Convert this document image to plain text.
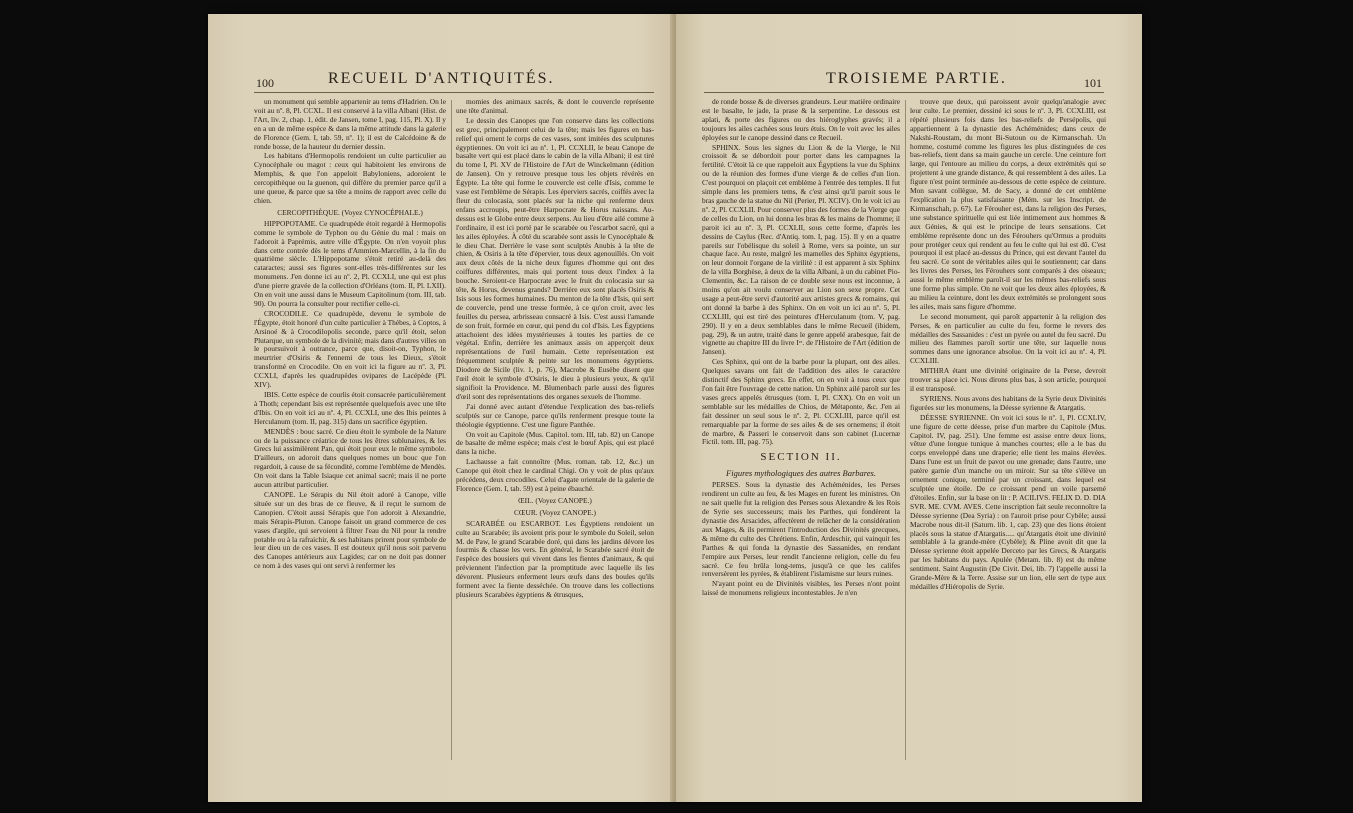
100	RECUEIL D'ANTIQUITÉS.

un monument qui semble appartenir au tems d'Hadrien. On le voit au nº. 8, Pl. CCXL. Il est conservé à la villa Albani (Hist. de l'Art, liv. 2, chap. 1, édit. de Jansen, tome I, pag. 115, Pl. X). Il y en a un de même espèce & dans la même attitude dans la galerie de Florence (Gem. I, tab. 59, nº. 1); il est de Calcédoine & de ronde bosse, de la hauteur du dernier dessin.

Les habitans d'Hermopolis rendoient un culte particulier au Cynocéphale ou magot : ceux qui habitoient les environs de Memphis, & que l'on appeloit Babyloniens, adoroient le cercopithèque ou la guenon, qui diffère du premier parce qu'il a une queue, & parce que sa tête a moins de rapport avec celle du chien.

CERCOPITHÈQUE. (Voyez CYNOCÉPHALE.)

HIPPOPOTAME. Ce quadrupède étoit regardé à Hermopolis comme le symbole de Typhon ou du Génie du mal : mais on l'adoroit à Paprémis, autre ville d'Égypte. On n'en voyoit plus dans cette contrée dès le tems d'Ammien-Marcellin, à la fin du quatrième siècle. L'Hippopotame s'étoit retiré au-delà des cataractes; aussi ses figures sont-elles très-différentes sur les monumens. J'en donne ici au nº. 2, Pl. CCXLI, une qui est plus d'une pierre gravée de la collection d'Orléans (tom. II, Pl. LXII). On en voit une aussi dans le Museum Capitolinum (tom. III, tab. 90). On pourra la consulter pour rectifier celle-ci.

CROCODILE. Ce quadrupède, devenu le symbole de l'Égypte, étoit honoré d'un culte particulier à Thèbes, à Coptos, à Arsinoé & à Crocodilopolis seconde, parce qu'il étoit, selon Plutarque, un symbole de la divinité; mais dans d'autres villes on le poursuivoit à outrance, parce que, disoit-on, Typhon, le meurtrier d'Osiris & l'ennemi de tous les Dieux, s'étoit transformé en Crocodile. On en voit ici la figure au nº. 3, Pl. CCXLI, d'après les quadrupèdes ovipares de Lacépède (Pl. XIV).

IBIS. Cette espèce de courlis étoit consacrée particulièrement à Thoth; cependant Isis est représentée quelquefois avec une tête d'Ibis. On en voit ici au nº. 4, Pl. CCXLI, une des Ibis peintes à Herculanum (tom. II, pag. 315) dans un sacrifice égyptien.

MENDÈS : bouc sacré. Ce dieu étoit le symbole de la Nature ou de la puissance créatrice de tous les êtres sublunaires, & les Grecs lui assimilèrent Pan, qui étoit pour eux le même symbole. D'ailleurs, on adoroit dans quelques nomes un bouc que l'on regardoit, à cause de sa fécondité, comme l'emblème de Mendès. On voit dans la Table Isiaque cet animal sacré; mais il ne porte aucun attribut particulier.

CANOPE. Le Sérapis du Nil étoit adoré à Canope, ville située sur un des bras de ce fleuve, & il reçut le surnom de Canopien. C'étoit aussi Sérapis que l'on adoroit à Alexandrie, mais Sérapis-Pluton. Canope faisoit un grand commerce de ces vases d'argile, qui servoient à filtrer l'eau du Nil pour la rendre potable ou à la rafraichir, & ses habitans prirent pour symbole de leur dieu un de ces vases. Il est douteux qu'il nous soit parvenu des Canopes antérieurs aux Lagides; car on ne doit pas donner ce nom à des vases qui ont servi à renfermer les

momies des animaux sacrés, & dont le couvercle représente une tête d'animal.

Le dessin des Canopes que l'on conserve dans les collections est grec, principalement celui de la tête; mais les figures en bas-relief qui ornent le corps de ces vases, sont imitées des sculptures égyptiennes. On voit ici au nº. 1, Pl. CCXLII, le beau Canope de basalte vert qui est placé dans le cabin de la villa Albani; il est tiré du tome I, Pl. XV de l'Histoire de l'Art de Winckelmann (édition de Jansen). On y retrouve presque tous les objets révérés en Égypte. La tête qui forme le couvercle est celle d'Isis, comme le vase est l'emblème de Sérapis. Les éperviers sacrés, coiffés avec la fleur du colocasia, sont placés sur la niche qui renferme deux enfans accroupis, peut-être Harpocrate & Horus naissans. Au-dessus est le Globe entre deux serpens. Au lieu d'être ailé comme à l'ordinaire, il est ici porté par le scarabée ou l'escarbot sacré, qui a les ailes éployées. À côté du scarabée sont assis le Cynocéphale & le dieu Chat. Derrière le vase sont sculptés Anubis à la tête de chien, & Osiris à la tête d'épervier, tous deux agenouillés. On voit aux deux côtés de la niche deux figures d'homme qui ont des coiffures différentes, mais qui portent tous deux l'index à la bouche. Seroient-ce Harpocrate avec le fruit du colocasia sur sa tête, & Horus, devenus grands? Derrière eux sont placés Osiris & Isis sous les formes humaines. Du menton de la tête d'Isis, qui sert de couvercle, pend une tresse formée, à ce qu'on croit, avec les feuilles du persea, arbrisseau consacré à Isis. C'est aussi l'amande de son fruit, formée en cœur, qui pend du col d'Isis. Les Égyptiens attachoient des idées mystérieuses à toutes les parties de ce végétal. Enfin, derrière les animaux assis on apperçoit deux représentations de l'œil humain. Cette représentation est fréquemment sculptée & peinte sur les monumens égyptiens. Diodore de Sicile (liv. 1, p. 76), Macrobe & Eusèbe disent que l'œil étoit le symbole d'Osiris, le dieu à plusieurs yeux, & qu'il signifioit la Providence. M. Blumenbach parle aussi des figures d'œil sont des représentations des organes sexuels de l'homme.

J'ai donné avec autant d'étendue l'explication des bas-reliefs sculptés sur ce Canope, parce qu'ils renferment presque toute la théologie égyptienne. C'est une figure Panthée.

On voit au Capitole (Mus. Capitol. tom. III, tab. 82) un Canope de basalte de même espèce; mais c'est le bœuf Apis, qui est placé dans la niche.

Lachausse a fait connoître (Mus. roman. tab. 12, &c.) un Canope qui étoit chez le cardinal Chigi. On y voit de plus qu'aux précédens, deux crocodiles. Celui d'agate orientale de la galerie de Florence (Gem. I, tab. 59) est à peine ébauché.

ŒIL. (Voyez CANOPE.)

CŒUR. (Voyez CANOPE.)

SCARABÉE ou ESCARBOT. Les Égyptiens rendoient un culte au Scarabée; ils avoient pris pour le symbole du Soleil, selon M. de Paw, le grand Scarabée doré, qui dans les jardins dévore les fourmis & chasse les vers. En général, le Scarabée sacré étoit de l'espèce des bousiers qui vivent dans les fientes d'animaux, & qui préviennent l'infection par la promptitude avec laquelle ils les dévorent. Plusieurs enferment leurs œufs dans des boules qu'ils forment avec la fiente desséchée. On trouve dans les collections plusieurs Scarabées égyptiens & étrusques,

TROISIEME PARTIE.	101

de ronde bosse & de diverses grandeurs. Leur matière ordinaire est le basalte, le jade, la prase & la serpentine. Le dessous est aplati, & porte des figures ou des hiéroglyphes gravés; il a toujours les ailes cachées sous leurs étuis. On le voit avec les ailes éployées sur le canope dessiné dans ce Recueil.

SPHINX. Sous les signes du Lion & de la Vierge, le Nil croissoit & se débordoit pour porter dans les campagnes la fertilité. C'étoit là ce que rappeloit aux Égyptiens la vue du Sphinx ou de la réunion des formes d'une vierge & de celles d'un lion. C'est pourquoi on plaçoit cet emblème à l'entrée des temples. Il fut simple dans les premiers tems, & c'est ainsi qu'il paroit sous le bras gauche de la statue du Nil (Perier, Pl. XCIV). On le voit ici au nº. 2, Pl. CCXLII. Pour conserver plus des formes de la Vierge que de celles du Lion, on lui donna les bras & les mains de l'homme; il paroit ici au nº. 3, Pl. CCXLII, sous cette forme, d'après les dessins de Caylus (Rec. d'Antiq. tom. I, pag. 15). Il y en a quatre pareils sur l'obélisque du soleil à Rome, vers sa pointe, un sur chaque face. Au reste, malgré les mamelles des Sphinx égyptiens, on leur donnoit l'organe de la virilité : il est apparent à six Sphinx de la villa Borghèse, à deux de la villa Albani, à un du cabinet Pio-Clementin, &c. La raison de ce double sexe nous est inconnue, à moins qu'on ait voulu conserver au Lion son sexe propre. Cet usage a peut-être servi d'autorité aux artistes grecs & romains, qui ont donné la barbe à des Sphinx. On en voit un ici au nº. 5, Pl. CCXLIII, qui est tiré des peintures d'Herculanum (tom. V, pag. 290). Il y en a deux semblables dans le même Recueil (ibidem, pag. 29), & un autre, traité dans le genre appelé arabesque, fait de vignette au chapitre III du livre Iᵉʳ. de l'Histoire de l'Art (édition de Jansen).

Ces Sphinx, qui ont de la barbe pour la plupart, ont des ailes. Quelques savans ont fait de l'addition des ailes le caractère distinctif des Sphinx grecs. En effet, on en voit à tous ceux que l'on fait être l'ouvrage de cette nation. Un Sphinx ailé paroît sur les vases grecs appelés étrusques (tom. I, Pl. CXX). On en voit un semblable sur les médailles de Chios, de Métaponte, &c. J'en ai fait dessiner un seul sous le nº. 2, Pl. CCXLIII, parce qu'il est remarquable par la forme de ses ailes & de ses ornemens; il étoit de marbre, & Passeri le conservoit dans son cabinet (Lucernæ Fictil. tom. III, pag. 75).

SECTION II.

Figures mythologiques des autres Barbares.

PERSES. Sous la dynastie des Achéménides, les Perses rendirent un culte au feu, & les Mages en furent les ministres. On ne sait quelle fut la religion des Perses sous Alexandre & les Rois de Syrie ses successeurs; mais les Parthes, qui fondèrent la dynastie des Arsacides, affectèrent de relâcher de la considération aux Mages, & ils permirent l'introduction des Divinités grecques, & même du culte des Chrétiens. Enfin, Ardeschir, qui vainquit les Parthes & qui fonda la dynastie des Sassanides, en rendant l'empire aux Perses, leur rendit l'ancienne religion, celle du feu sacré. Ce feu brûla long-tems, jusqu'à ce que les califes renversèrent les pyrées, & établirent l'islamisme sur leurs ruines.

N'ayant point eu de Divinités visibles, les Perses n'ont point laissé de monumens religieux incontestables. Je n'en

trouve que deux, qui paroissent avoir quelqu'analogie avec leur culte. Le premier, dessiné ici sous le nº. 3, Pl. CCXLIII, est répété plusieurs fois dans les bas-reliefs de Persépolis, qui appartiennent à la dynastie des Achéménides; dans ceux de Nakshi-Roustam, du mont Bi-Sutoun ou de Kirmanschah. Un homme, costumé comme les figures les plus distinguées de ces bas-reliefs, tient dans sa main gauche un cercle. Une ceinture fort large, qui l'entoure au milieu du corps, a deux extrémités qui se projettent à une grande distance, & qui ressemblent à des ailes. La figure n'est point terminée au-dessous de cette espèce de ceinture. Mon savant collègue, M. de Sacy, a donné de cet emblème l'explication la plus satisfaisante (Mém. sur les Inscript. de Kirmanschah, p. 67). Le Férouher est, dans la religion des Perses, une substance spirituelle qui est liée intimement aux hommes & aux Génies, & qui est le principe de leurs sensations. Cet emblème représente donc un des Férouhers qu'Ormus a produits pour protéger ceux qui rendent au feu le culte qui lui est dû. C'est pourquoi il est placé au-dessus du Prince, qui est devant l'autel du feu sacré. Ce sont de véritables ailes qui le soutiennent; car dans les livres des Perses, les Férouhers sont comparés à des oiseaux; aussi le même emblème paroît-il sur les mêmes bas-reliefs sous une forme plus simple. On ne voit que les deux ailes éployées, & au milieu la ceinture, dont les deux extrémités se prolongent sous les ailes, mais sans figure d'homme.

Le second monument, qui paroît appartenir à la religion des Perses, & en particulier au culte du feu, forme le revers des médailles des Sassanides : c'est un pyrée ou autel du feu sacré. Du milieu des flammes paroît sortir une tête, sur laquelle nous sommes dans une ignorance absolue. On la voit ici au nº. 4, Pl. CCXLIII.

MITHRA étant une divinité originaire de la Perse, devroit trouver sa place ici. Nous dirons plus bas, à son article, pourquoi il est transposé.

SYRIENS. Nous avons des habitans de la Syrie deux Divinités figurées sur les monumens, la Déesse syrienne & Atargatis.

DÉESSE SYRIENNE. On voit ici sous le nº. 1, Pl. CCXLIV, une figure de cette déesse, prise d'un marbre du Capitole (Mus. Capitol. IV, pag. 251). Une femme est assise entre deux lions, vêtue d'une longue tunique à manches courtes; elle a le bas du corps enveloppé dans une draperie; elle tient les mains élevées. Dans l'une est un fruit de pavot ou une grenade; dans l'autre, une patère garnie d'un manche ou un miroir. Sur sa tête s'élève un ornement conique, terminé par un croissant, dans lequel est sculptée une étoile. De ce croissant pend un voile parsemé d'étoiles. Enfin, sur la base on lit : P. ACILIVS. FELIX D. D. DIA SVR. ME. CVM. AVES. Cette inscription fait seule reconnoître la Déesse syrienne (Dea Syria) : on l'auroit prise pour Cybèle; aussi Macrobe nous dit-il (Saturn. lib. 1, cap. 23) que des lions étoient placés sous la statue d'Atargatis..... qu'Atargatis étoit une divinité semblable à la grande-mère (Cybèle); & Pline avoit dit que la Déesse syrienne étoit appelée Derceto par les Grecs, & Atargatis par les habitans du pays. Apulée (Metam. lib. 8) est du même sentiment. Saint Augustin (De Civit. Dei, lib. 7) l'appelle aussi la Grande-Mère & la Terre. Assise sur un lion, elle sert de type aux médailles d'Hiéropolis de Syrie.
